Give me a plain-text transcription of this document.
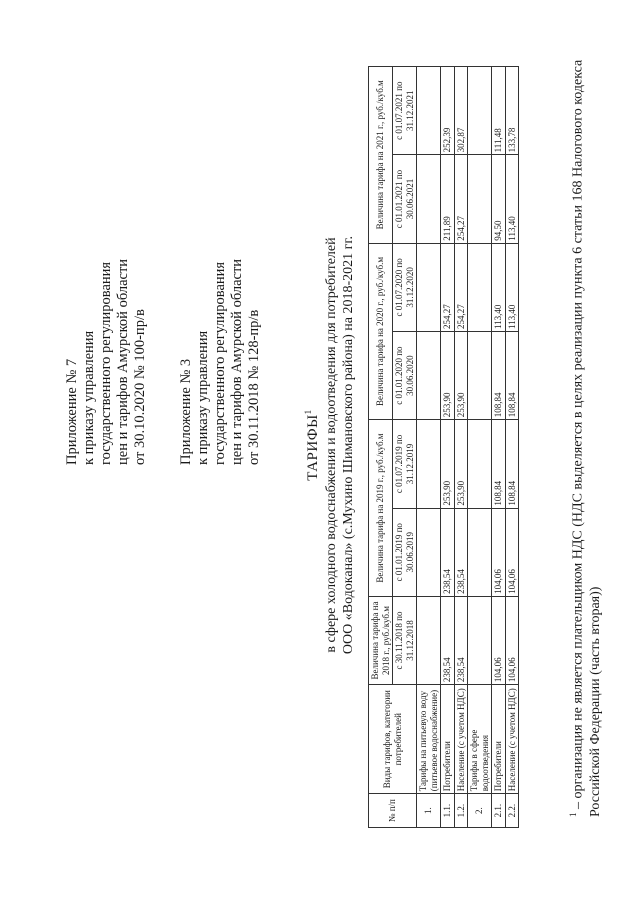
Приложение № 7 к приказу управления государственного регулирования цен и тарифов Амурской области от 30.10.2020 № 100-пр/в Приложение № 3 к приказу управления государственного регулирования цен и тарифов Амурской области от 30.11.2018 № 128-пр/в	ТАРИФЫ$^1$ в сфере холодного водоснабжения и водоотведения для потребителей ООО «Водоканал» (с.Мухино Шимановского района) на 2018-2021 гг.
№ п/п	Виды тарифов, категории потребителей	Величина тарифа на 2018 г., руб./куб.м	Величина тарифа на 2019 г., руб./куб.м		Величина тарифа на 2020 г., руб./куб.м		Величина тарифа на 2021 г., руб./куб.м	
		с 30.11.2018 по 31.12.2018	с 01.01.2019 по 30.06.2019	с 01.07.2019 по 31.12.2019	с 01.01.2020 по 30.06.2020	с 01.07.2020 по 31.12.2020	с 01.01.2021 по 30.06.2021	с 01.07.2021 по 31.12.2021
1.	Тарифы на питьевую воду (питьевое водоснабжение)							
1.1.	Потребители	238,54	238,54	253,90	253,90	254,27	211,89	252,39
1.2.	Население (с учетом НДС)	238,54	238,54	253,90	253,90	254,27	254,27	302,87
2.	Тарифы в сфере водоотведения							
2.1.	Потребители	104,06	104,06	108,84	108,84	113,40	94,50	111,48
2.2.	Население (с учетом НДС)	104,06	104,06	108,84	108,84	113,40	113,40	133,78
$^1$ – организация не является плательщиком НДС (НДС выделяется в целях реализации пункта 6 статьи 168 Налогового кодекса Российской Федерации (часть вторая))
